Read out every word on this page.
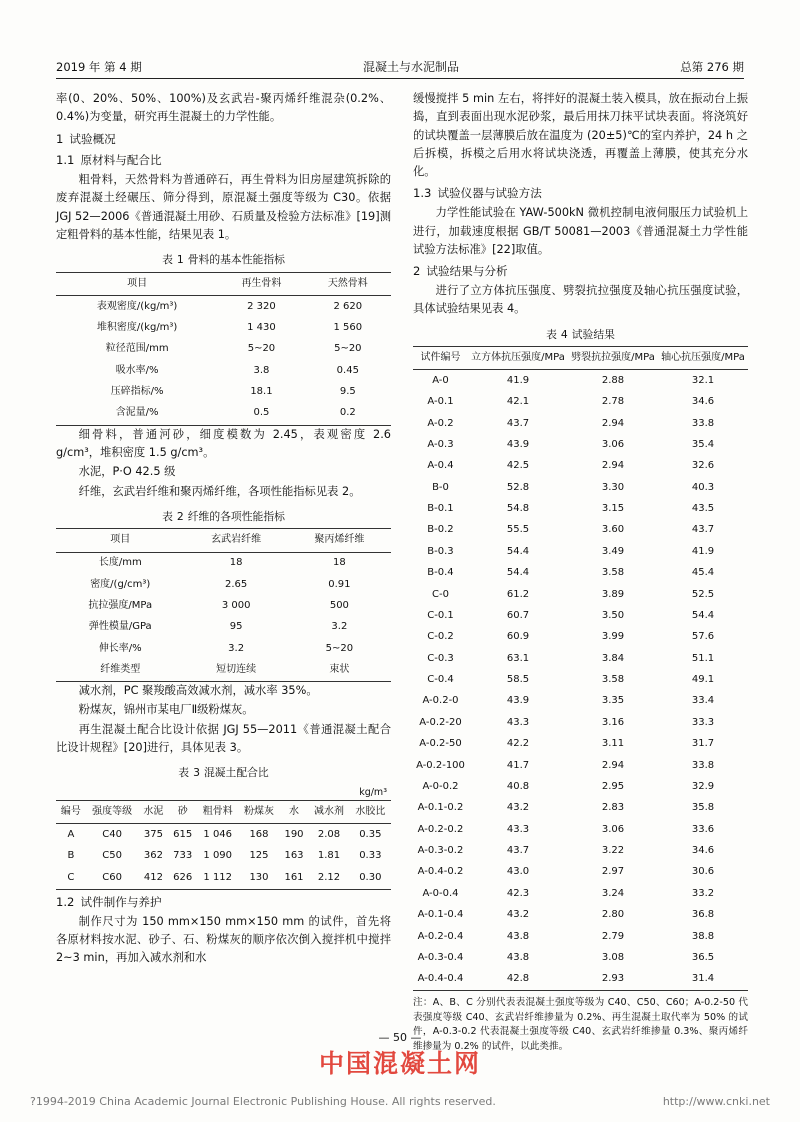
2019 年 第 4 期	混凝土与水泥制品	总第 276 期

率(0、20%、50%、100%)及玄武岩-聚丙烯纤维混杂(0.2%、0.4%)为变量，研究再生混凝土的力学性能。

1 试验概况
1.1 原材料与配合比

粗骨料，天然骨料为普通碎石，再生骨料为旧房屋建筑拆除的废弃混凝土经碾压、筛分得到，原混凝土强度等级为 C30。依据 JGJ 52—2006《普通混凝土用砂、石质量及检验方法标准》[19]测定粗骨料的基本性能，结果见表 1。

表 1 骨料的基本性能指标
项目	再生骨料	天然骨料
表观密度/(kg/m³)	2 320	2 620
堆积密度/(kg/m³)	1 430	1 560
粒径范围/mm	5~20	5~20
吸水率/%	3.8	0.45
压碎指标/%	18.1	9.5
含泥量/%	0.5	0.2

细骨料，普通河砂，细度模数为 2.45，表观密度 2.6 g/cm³，堆积密度 1.5 g/cm³。

水泥，P·O 42.5 级

纤维，玄武岩纤维和聚丙烯纤维，各项性能指标见表 2。

表 2 纤维的各项性能指标
项目	玄武岩纤维	聚丙烯纤维
长度/mm	18	18
密度/(g/cm³)	2.65	0.91
抗拉强度/MPa	3 000	500
弹性模量/GPa	95	3.2
伸长率/%	3.2	5~20
纤维类型	短切连续	束状

减水剂，PC 聚羧酸高效减水剂，减水率 35%。

粉煤灰，锦州市某电厂Ⅱ级粉煤灰。

再生混凝土配合比设计依据 JGJ 55—2011《普通混凝土配合比设计规程》[20]进行，具体见表 3。

表 3 混凝土配合比
kg/m³
编号	强度等级	水泥	砂	粗骨料	粉煤灰	水	减水剂	水胶比
A	C40	375	615	1 046	168	190	2.08	0.35
B	C50	362	733	1 090	125	163	1.81	0.33
C	C60	412	626	1 112	130	161	2.12	0.30
1.2 试件制作与养护

制作尺寸为 150 mm×150 mm×150 mm 的试件，首先将各原材料按水泥、砂子、石、粉煤灰的顺序依次倒入搅拌机中搅拌 2~3 min，再加入减水剂和水

缓慢搅拌 5 min 左右，将拌好的混凝土装入模具，放在振动台上振捣，直到表面出现水泥砂浆，最后用抹刀抹平试块表面。将浇筑好的试块覆盖一层薄膜后放在温度为 (20±5)℃的室内养护，24 h 之后拆模，拆模之后用水将试块浇透，再覆盖上薄膜，使其充分水化。

1.3 试验仪器与试验方法

力学性能试验在 YAW-500kN 微机控制电液伺服压力试验机上进行，加载速度根据 GB/T 50081—2003《普通混凝土力学性能试验方法标准》[22]取值。

2 试验结果与分析

进行了立方体抗压强度、劈裂抗拉强度及轴心抗压强度试验，具体试验结果见表 4。

表 4 试验结果
试件编号	立方体抗压强度/MPa	劈裂抗拉强度/MPa	轴心抗压强度/MPa
A-0	41.9	2.88	32.1
A-0.1	42.1	2.78	34.6
A-0.2	43.7	2.94	33.8
A-0.3	43.9	3.06	35.4
A-0.4	42.5	2.94	32.6
B-0	52.8	3.30	40.3
B-0.1	54.8	3.15	43.5
B-0.2	55.5	3.60	43.7
B-0.3	54.4	3.49	41.9
B-0.4	54.4	3.58	45.4
C-0	61.2	3.89	52.5
C-0.1	60.7	3.50	54.4
C-0.2	60.9	3.99	57.6
C-0.3	63.1	3.84	51.1
C-0.4	58.5	3.58	49.1
A-0.2-0	43.9	3.35	33.4
A-0.2-20	43.3	3.16	33.3
A-0.2-50	42.2	3.11	31.7
A-0.2-100	41.7	2.94	33.8
A-0-0.2	40.8	2.95	32.9
A-0.1-0.2	43.2	2.83	35.8
A-0.2-0.2	43.3	3.06	33.6
A-0.3-0.2	43.7	3.22	34.6
A-0.4-0.2	43.0	2.97	30.6
A-0-0.4	42.3	3.24	33.2
A-0.1-0.4	43.2	2.80	36.8
A-0.2-0.4	43.8	2.79	38.8
A-0.3-0.4	43.8	3.08	36.5
A-0.4-0.4	42.8	2.93	31.4
注：A、B、C 分别代表表混凝土强度等级为 C40、C50、C60；A-0.2-50 代表强度等级 C40、玄武岩纤维掺量为 0.2%、再生混凝土取代率为 50% 的试件，A-0.3-0.2 代表混凝土强度等级 C40、玄武岩纤维掺量 0.3%、聚丙烯纤维掺量为 0.2% 的试件，以此类推。
— 50 —
中国混凝土网
?1994-2019 China Academic Journal Electronic Publishing House. All rights reserved.	http://www.cnki.net
